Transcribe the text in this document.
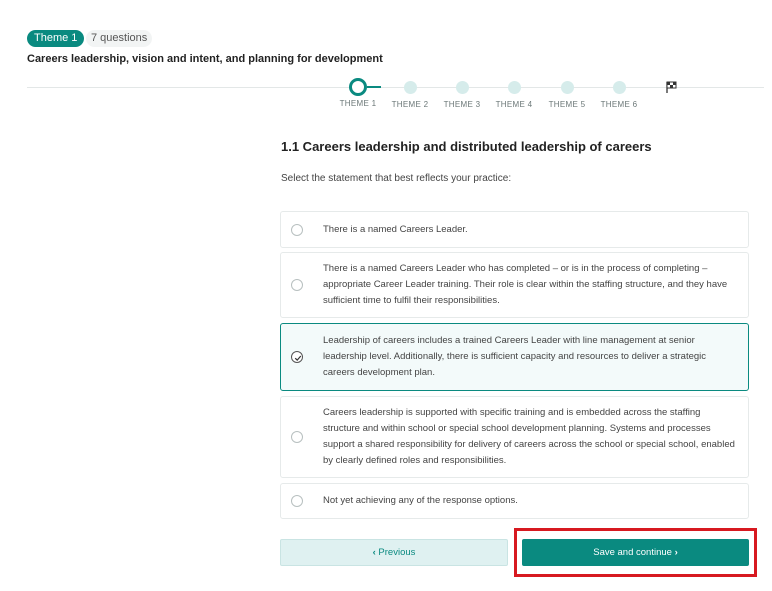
Theme 1	7 questions
Careers leadership, vision and intent, and planning for development
THEME 1	THEME 2	THEME 3	THEME 4	THEME 5	THEME 6
1.1 Careers leadership and distributed leadership of careers
Select the statement that best reflects your practice:
There is a named Careers Leader.
There is a named Careers Leader who has completed – or is in the process of completing – appropriate Career Leader training. Their role is clear within the staffing structure, and they have sufficient time to fulfil their responsibilities.
Leadership of careers includes a trained Careers Leader with line management at senior leadership level. Additionally, there is sufficient capacity and resources to deliver a strategic careers development plan.
Careers leadership is supported with specific training and is embedded across the staffing structure and within school or special school development planning. Systems and processes support a shared responsibility for delivery of careers across the school or special school, enabled by clearly defined roles and responsibilities.
Not yet achieving any of the response options.
‹ Previous	Save and continue ›
